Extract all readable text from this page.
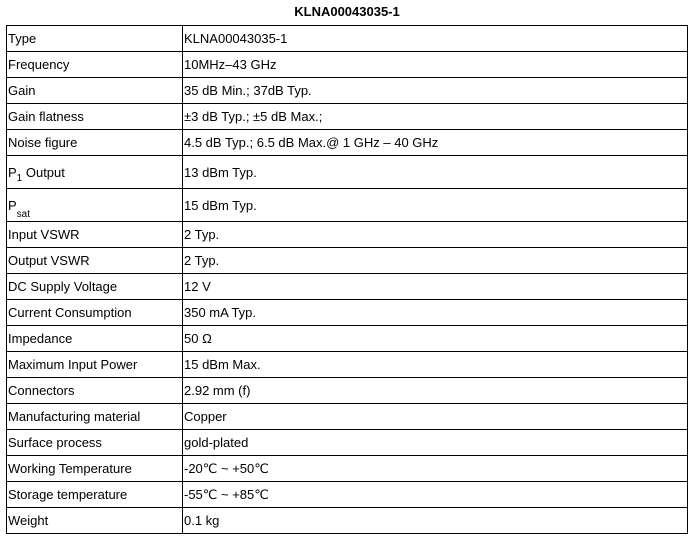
KLNA00043035-1
Type	KLNA00043035-1
Frequency	10MHz–43 GHz
Gain	35 dB Min.; 37dB Typ.
Gain flatness	±3 dB Typ.; ±5 dB Max.;
Noise figure	4.5 dB Typ.; 6.5 dB Max.@ 1 GHz – 40 GHz
$P_1$ Output	13 dBm Typ.
$P_{sat}$	15 dBm Typ.
Input VSWR	2 Typ.
Output VSWR	2 Typ.
DC Supply Voltage	12 V
Current Consumption	350 mA Typ.
Impedance	50 Ω
Maximum Input Power	15 dBm Max.
Connectors	2.92 mm (f)
Manufacturing material	Copper
Surface process	gold-plated
Working Temperature	-20℃ ~ +50℃
Storage temperature	-55℃ ~ +85℃
Weight	0.1 kg
